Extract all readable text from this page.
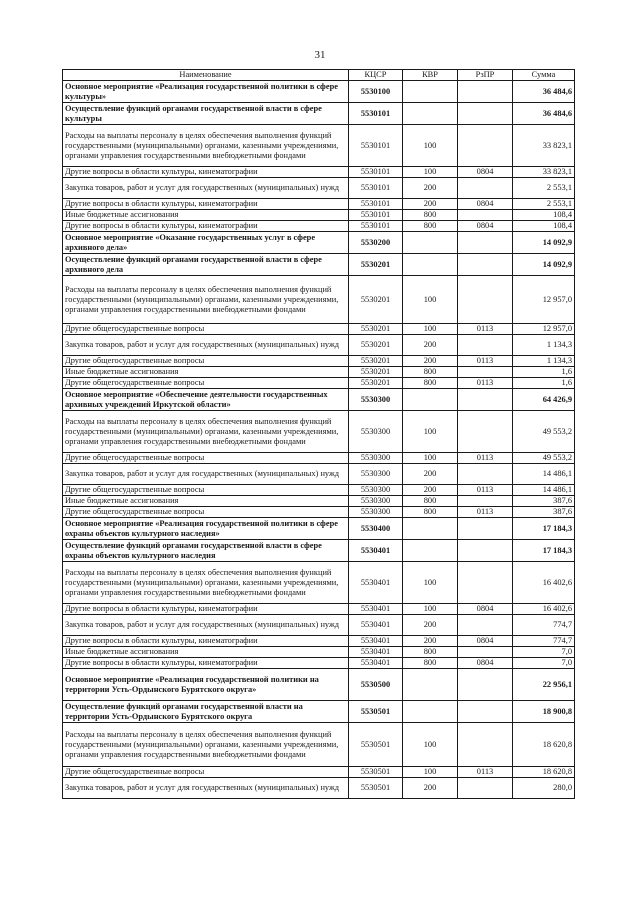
31
Наименование	КЦСР	КВР	РзПР	Сумма
Основное мероприятие «Реализация государственной политики в сфере культуры»	5530100			36 484,6
Осуществление функций органами государственной власти в сфере культуры	5530101			36 484,6
Расходы на выплаты персоналу в целях обеспечения выполнения функций государственными (муниципальными) органами, казенными учреждениями, органами управления государственными внебюджетными фондами	5530101	100		33 823,1
Другие вопросы в области культуры, кинематографии	5530101	100	0804	33 823,1
Закупка товаров, работ и услуг для государственных (муниципальных) нужд	5530101	200		2 553,1
Другие вопросы в области культуры, кинематографии	5530101	200	0804	2 553,1
Иные бюджетные ассигнования	5530101	800		108,4
Другие вопросы в области культуры, кинематографии	5530101	800	0804	108,4
Основное мероприятие «Оказание государственных услуг в сфере архивного дела»	5530200			14 092,9
Осуществление функций органами государственной власти в сфере архивного дела	5530201			14 092,9
Расходы на выплаты персоналу в целях обеспечения выполнения функций государственными (муниципальными) органами, казенными учреждениями, органами управления государственными внебюджетными фондами	5530201	100		12 957,0
Другие общегосударственные вопросы	5530201	100	0113	12 957,0
Закупка товаров, работ и услуг для государственных (муниципальных) нужд	5530201	200		1 134,3
Другие общегосударственные вопросы	5530201	200	0113	1 134,3
Иные бюджетные ассигнования	5530201	800		1,6
Другие общегосударственные вопросы	5530201	800	0113	1,6
Основное мероприятие «Обеспечение деятельности государственных архивных учреждений Иркутской области»	5530300			64 426,9
Расходы на выплаты персоналу в целях обеспечения выполнения функций государственными (муниципальными) органами, казенными учреждениями, органами управления государственными внебюджетными фондами	5530300	100		49 553,2
Другие общегосударственные вопросы	5530300	100	0113	49 553,2
Закупка товаров, работ и услуг для государственных (муниципальных) нужд	5530300	200		14 486,1
Другие общегосударственные вопросы	5530300	200	0113	14 486,1
Иные бюджетные ассигнования	5530300	800		387,6
Другие общегосударственные вопросы	5530300	800	0113	387,6
Основное мероприятие «Реализация государственной политики в сфере охраны объектов культурного наследия»	5530400			17 184,3
Осуществление функций органами государственной власти в сфере охраны объектов культурного наследия	5530401			17 184,3
Расходы на выплаты персоналу в целях обеспечения выполнения функций государственными (муниципальными) органами, казенными учреждениями, органами управления государственными внебюджетными фондами	5530401	100		16 402,6
Другие вопросы в области культуры, кинематографии	5530401	100	0804	16 402,6
Закупка товаров, работ и услуг для государственных (муниципальных) нужд	5530401	200		774,7
Другие вопросы в области культуры, кинематографии	5530401	200	0804	774,7
Иные бюджетные ассигнования	5530401	800		7,0
Другие вопросы в области культуры, кинематографии	5530401	800	0804	7,0
Основное мероприятие «Реализация государственной политики на территории Усть-Ордынского Бурятского округа»	5530500			22 956,1
Осуществление функций органами государственной власти на территории Усть-Ордынского Бурятского округа	5530501			18 900,8
Расходы на выплаты персоналу в целях обеспечения выполнения функций государственными (муниципальными) органами, казенными учреждениями, органами управления государственными внебюджетными фондами	5530501	100		18 620,8
Другие общегосударственные вопросы	5530501	100	0113	18 620,8
Закупка товаров, работ и услуг для государственных (муниципальных) нужд	5530501	200		280,0
